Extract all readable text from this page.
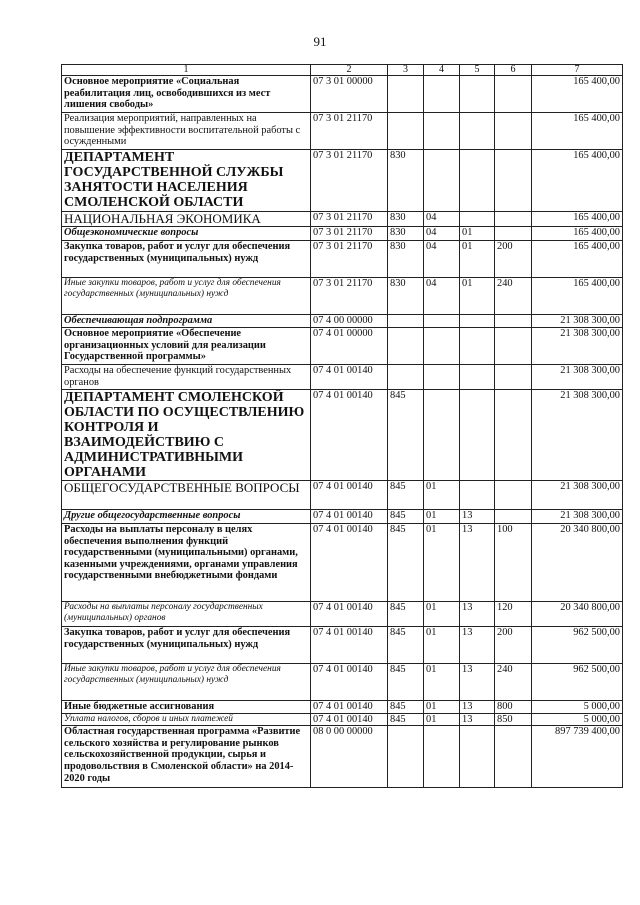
91
1	2	3	4	5	6	7
Основное мероприятие «Социальная реабилитация лиц, освободившихся из мест лишения свободы»	07 3 01 00000					165 400,00
Реализация мероприятий, направленных на повышение эффективности воспитательной работы с осужденными	07 3 01 21170					165 400,00
ДЕПАРТАМЕНТ ГОСУДАРСТВЕННОЙ СЛУЖБЫ ЗАНЯТОСТИ НАСЕЛЕНИЯ СМОЛЕНСКОЙ ОБЛАСТИ	07 3 01 21170	830				165 400,00
НАЦИОНАЛЬНАЯ ЭКОНОМИКА	07 3 01 21170	830	04			165 400,00
Общеэкономические вопросы	07 3 01 21170	830	04	01		165 400,00
Закупка товаров, работ и услуг для обеспечения государственных (муниципальных) нужд	07 3 01 21170	830	04	01	200	165 400,00
Иные закупки товаров, работ и услуг для обеспечения государственных (муниципальных) нужд	07 3 01 21170	830	04	01	240	165 400,00
Обеспечивающая подпрограмма	07 4 00 00000					21 308 300,00
Основное мероприятие «Обеспечение организационных условий для реализации Государственной программы»	07 4 01 00000					21 308 300,00
Расходы на обеспечение функций государственных органов	07 4 01 00140					21 308 300,00
ДЕПАРТАМЕНТ СМОЛЕНСКОЙ ОБЛАСТИ ПО ОСУЩЕСТВЛЕНИЮ КОНТРОЛЯ И ВЗАИМОДЕЙСТВИЮ С АДМИНИСТРАТИВНЫМИ ОРГАНАМИ	07 4 01 00140	845				21 308 300,00
ОБЩЕГОСУДАРСТВЕННЫЕ ВОПРОСЫ	07 4 01 00140	845	01			21 308 300,00
Другие общегосударственные вопросы	07 4 01 00140	845	01	13		21 308 300,00
Расходы на выплаты персоналу в целях обеспечения выполнения функций государственными (муниципальными) органами, казенными учреждениями, органами управления государственными внебюджетными фондами	07 4 01 00140	845	01	13	100	20 340 800,00
Расходы на выплаты персоналу государственных (муниципальных) органов	07 4 01 00140	845	01	13	120	20 340 800,00
Закупка товаров, работ и услуг для обеспечения государственных (муниципальных) нужд	07 4 01 00140	845	01	13	200	962 500,00
Иные закупки товаров, работ и услуг для обеспечения государственных (муниципальных) нужд	07 4 01 00140	845	01	13	240	962 500,00
Иные бюджетные ассигнования	07 4 01 00140	845	01	13	800	5 000,00
Уплата налогов, сборов и иных платежей	07 4 01 00140	845	01	13	850	5 000,00
Областная государственная программа «Развитие сельского хозяйства и регулирование рынков сельскохозяйственной продукции, сырья и продовольствия в Смоленской области» на 2014-2020 годы	08 0 00 00000					897 739 400,00
